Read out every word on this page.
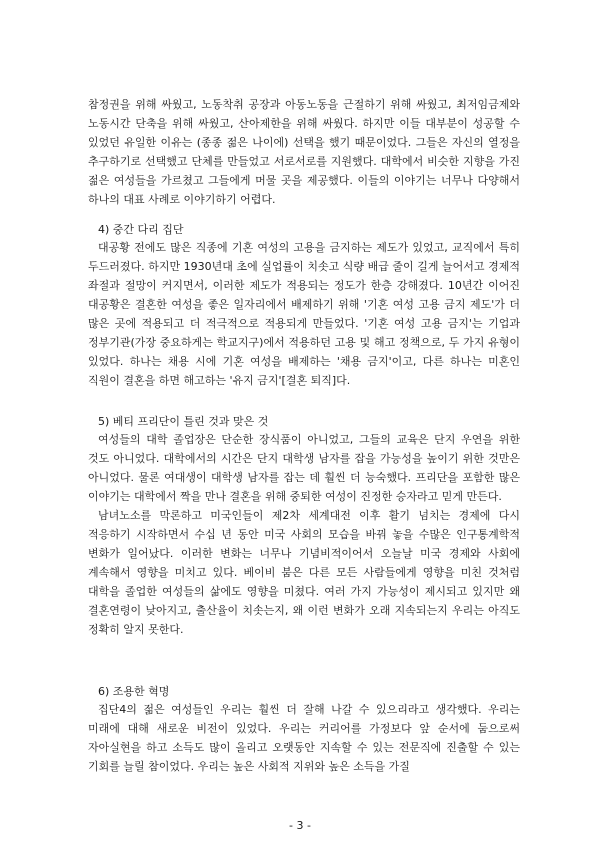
참정권을 위해 싸웠고, 노동착취 공장과 아동노동을 근절하기 위해 싸웠고, 최저임금제와 노동시간 단축을 위해 싸웠고, 산아제한을 위해 싸웠다. 하지만 이들 대부분이 성공할 수 있었던 유일한 이유는 (종종 젊은 나이에) 선택을 했기 때문이었다. 그들은 자신의 열정을 추구하기로 선택했고 단체를 만들었고 서로서로를 지원했다. 대학에서 비슷한 지향을 가진 젊은 여성들을 가르쳤고 그들에게 머물 곳을 제공했다. 이들의 이야기는 너무나 다양해서 하나의 대표 사례로 이야기하기 어렵다.

4) 중간 다리 집단

대공황 전에도 많은 직종에 기혼 여성의 고용을 금지하는 제도가 있었고, 교직에서 특히 두드러졌다. 하지만 1930년대 초에 실업률이 치솟고 식량 배급 줄이 길게 늘어서고 경제적 좌절과 절망이 커지면서, 이러한 제도가 적용되는 정도가 한층 강해졌다. 10년간 이어진 대공황은 결혼한 여성을 좋은 일자리에서 배제하기 위해 '기혼 여성 고용 금지 제도'가 더 많은 곳에 적용되고 더 적극적으로 적용되게 만들었다. '기혼 여성 고용 금지'는 기업과 정부기관(가장 중요하게는 학교지구)에서 적용하던 고용 및 해고 정책으로, 두 가지 유형이 있었다. 하나는 채용 시에 기혼 여성을 배제하는 '채용 금지'이고, 다른 하나는 미혼인 직원이 결혼을 하면 해고하는 '유지 금지'[결혼 퇴직]다.

5) 베티 프리단이 틀린 것과 맞은 것

여성들의 대학 졸업장은 단순한 장식품이 아니었고, 그들의 교육은 단지 우연을 위한 것도 아니었다. 대학에서의 시간은 단지 대학생 남자를 잡을 가능성을 높이기 위한 것만은 아니었다. 물론 여대생이 대학생 남자를 잡는 데 훨씬 더 능숙했다. 프리단을 포함한 많은 이야기는 대학에서 짝을 만나 결혼을 위해 중퇴한 여성이 진정한 승자라고 믿게 만든다.

남녀노소를 막론하고 미국인들이 제2차 세계대전 이후 활기 넘치는 경제에 다시 적응하기 시작하면서 수십 년 동안 미국 사회의 모습을 바꿔 놓을 수많은 인구통계학적 변화가 일어났다. 이러한 변화는 너무나 기념비적이어서 오늘날 미국 경제와 사회에 계속해서 영향을 미치고 있다. 베이비 붐은 다른 모든 사람들에게 영향을 미친 것처럼 대학을 졸업한 여성들의 삶에도 영향을 미쳤다. 여러 가지 가능성이 제시되고 있지만 왜 결혼연령이 낮아지고, 출산율이 치솟는지, 왜 이런 변화가 오래 지속되는지 우리는 아직도 정확히 알지 못한다.

6) 조용한 혁명

집단4의 젊은 여성들인 우리는 훨씬 더 잘해 나갈 수 있으리라고 생각했다. 우리는 미래에 대해 새로운 비전이 있었다. 우리는 커리어를 가정보다 앞 순서에 둠으로써 자아실현을 하고 소득도 많이 올리고 오랫동안 지속할 수 있는 전문직에 진출할 수 있는 기회를 늘릴 참이었다. 우리는 높은 사회적 지위와 높은 소득을 가질

- 3 -
